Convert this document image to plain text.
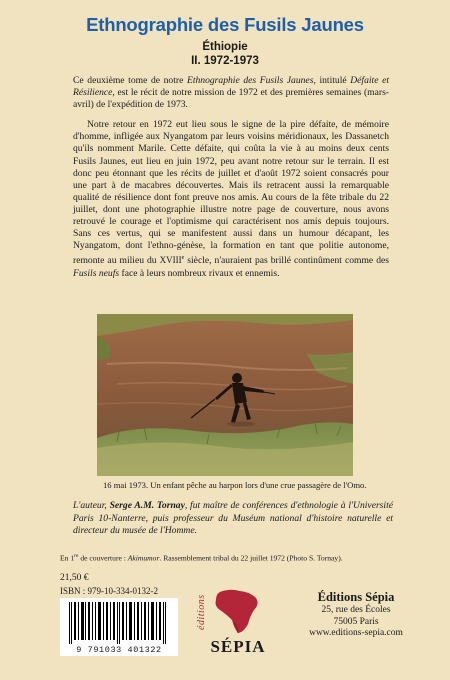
Ethnographie des Fusils Jaunes
Éthiopie
II. 1972-1973

Ce deuxième tome de notre Ethnographie des Fusils Jaunes, intitulé Défaite et Résilience, est le récit de notre mission de 1972 et des premières semaines (mars-avril) de l'expédition de 1973.

Notre retour en 1972 eut lieu sous le signe de la pire défaite, de mémoire d'homme, infligée aux Nyangatom par leurs voisins méridionaux, les Dassanetch qu'ils nomment Marile. Cette défaite, qui coûta la vie à au moins deux cents Fusils Jaunes, eut lieu en juin 1972, peu avant notre retour sur le terrain. Il est donc peu étonnant que les récits de juillet et d'août 1972 soient consacrés pour une part à de macabres découvertes. Mais ils retracent aussi la remarquable qualité de résilience dont font preuve nos amis. Au cours de la fête tribale du 22 juillet, dont une photographie illustre notre page de couverture, nous avons retrouvé le courage et l'optimisme qui caractérisent nos amis depuis toujours. Sans ces vertus, qui se manifestent aussi dans un humour décapant, les Nyangatom, dont l'ethno-génèse, la formation en tant que politie autonome, remonte au milieu du XVIIIe siècle, n'auraient pas brillé continûment comme des Fusils neufs face à leurs nombreux rivaux et ennemis.

16 mai 1973. Un enfant pêche au harpon lors d'une crue passagère de l'Omo.
L'auteur, Serge A.M. Tornay, fut maître de conférences d'ethnologie à l'Université Paris 10-Nanterre, puis professeur du Muséum national d'histoire naturelle et directeur du musée de l'Homme.
En 1re de couverture : Akimumor. Rassemblement tribal du 22 juillet 1972 (Photo S. Tornay).
21,50 €
ISBN : 979-10-334-0132-2
9 791033 401322
éditions
SÉPIA
Éditions Sépia
25, rue des Écoles
75005 Paris
www.editions-sepia.com
